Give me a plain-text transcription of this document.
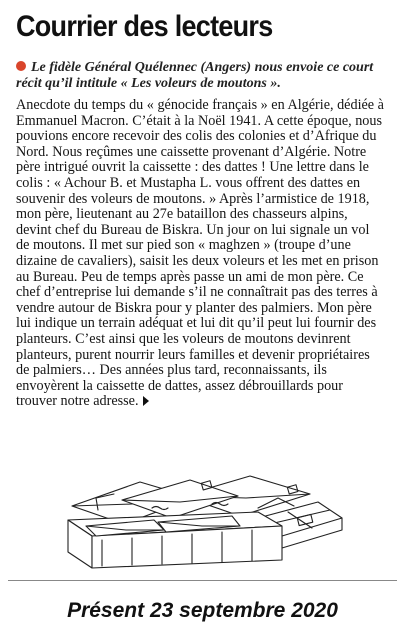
Courrier des lecteurs

Le fidèle Général Quélennec (Angers) nous envoie ce court récit qu’il intitule « Les voleurs de moutons ».

Anecdote du temps du « génocide français » en Algérie, dédiée à Emmanuel Macron. C’était à la Noël 1941. A cette époque, nous pouvions encore recevoir des colis des colonies et d’Afrique du Nord. Nous reçûmes une caissette provenant d’Algérie. Notre père intrigué ouvrit la caissette : des dattes ! Une lettre dans le colis : « Achour B. et Mustapha L. vous offrent des dattes en souvenir des voleurs de moutons. » Après l’armistice de 1918, mon père, lieutenant au 27e bataillon des chasseurs alpins, devint chef du Bureau de Biskra. Un jour on lui signale un vol de moutons. Il met sur pied son « maghzen » (troupe d’une dizaine de cavaliers), saisit les deux voleurs et les met en prison au Bureau. Peu de temps après passe un ami de mon père. Ce chef d’entreprise lui demande s’il ne connaîtrait pas des terres à vendre autour de Biskra pour y planter des palmiers. Mon père lui indique un terrain adéquat et lui dit qu’il peut lui fournir des planteurs. C’est ainsi que les voleurs de moutons devinrent planteurs, purent nourrir leurs familles et devenir propriétaires de palmiers… Des années plus tard, reconnaissants, ils envoyèrent la caissette de dattes, assez débrouillards pour trouver notre adresse.

Présent 23 septembre 2020
